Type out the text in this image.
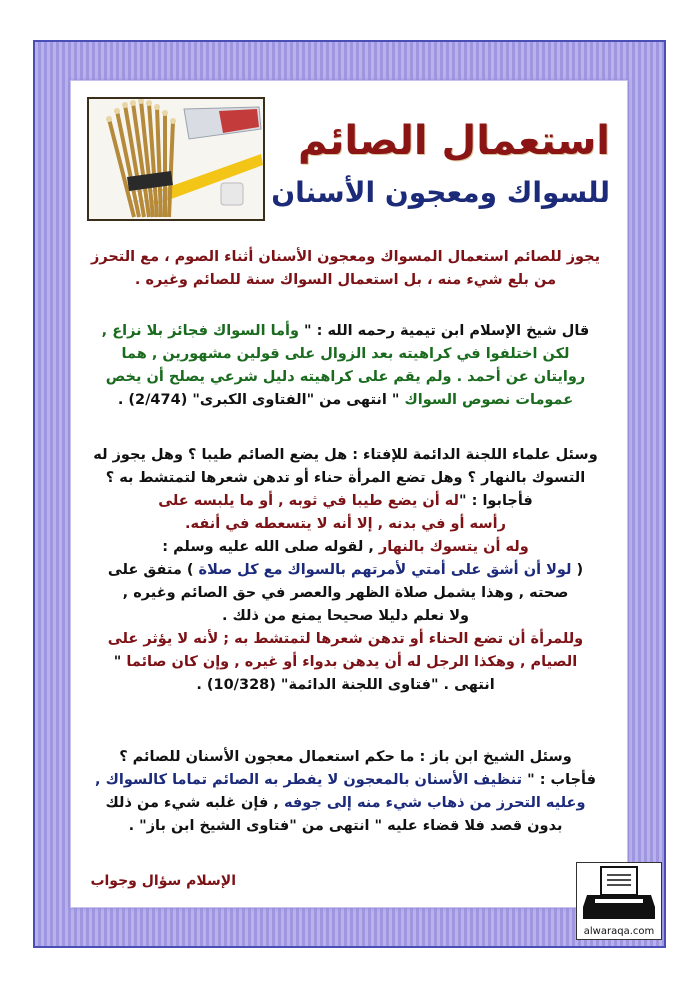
استعمال الصائم
للسواك ومعجون الأسنان
يجوز للصائم استعمال المسواك ومعجون الأسنان أثناء الصوم ، مع التحرز
من بلع شيء منه ، بل استعمال السواك سنة للصائم وغيره .
قال شيخ الإسلام ابن تيمية رحمه الله : " وأما السواك فجائز بلا نزاع ,
لكن اختلفوا في كراهيته بعد الزوال على قولين مشهورين , هما
روايتان عن أحمد . ولم يقم على كراهيته دليل شرعي يصلح أن يخص
عمومات نصوص السواك " انتهى من "الفتاوى الكبرى" (2/474) .
وسئل علماء اللجنة الدائمة للإفتاء : هل يضع الصائم طيبا ؟ وهل يجوز له
التسوك بالنهار ؟ وهل تضع المرأة حناء أو تدهن شعرها لتمتشط به ؟
فأجابوا : "له أن يضع طيبا في ثوبه , أو ما يلبسه على
رأسه أو في بدنه , إلا أنه لا يتسعطه في أنفه.
وله أن يتسوك بالنهار , لقوله صلى الله عليه وسلم :
( لولا أن أشق على أمتي لأمرتهم بالسواك مع كل صلاة ) متفق على
صحته , وهذا يشمل صلاة الظهر والعصر في حق الصائم وغيره ,
ولا نعلم دليلا صحيحا يمنع من ذلك .
وللمرأة أن تضع الحناء أو تدهن شعرها لتمتشط به ; لأنه لا يؤثر على
الصيام , وهكذا الرجل له أن يدهن بدواء أو غيره , وإن كان صائما "
انتهى . "فتاوى اللجنة الدائمة" (10/328) .
وسئل الشيخ ابن باز : ما حكم استعمال معجون الأسنان للصائم ؟
فأجاب : " تنظيف الأسنان بالمعجون لا يفطر به الصائم تماما كالسواك ,
وعليه التحرز من ذهاب شيء منه إلى جوفه , فإن غلبه شيء من ذلك
بدون قصد فلا قضاء عليه " انتهى من "فتاوى الشيخ ابن باز" .
الإسلام سؤال وجواب
alwaraqa.com
